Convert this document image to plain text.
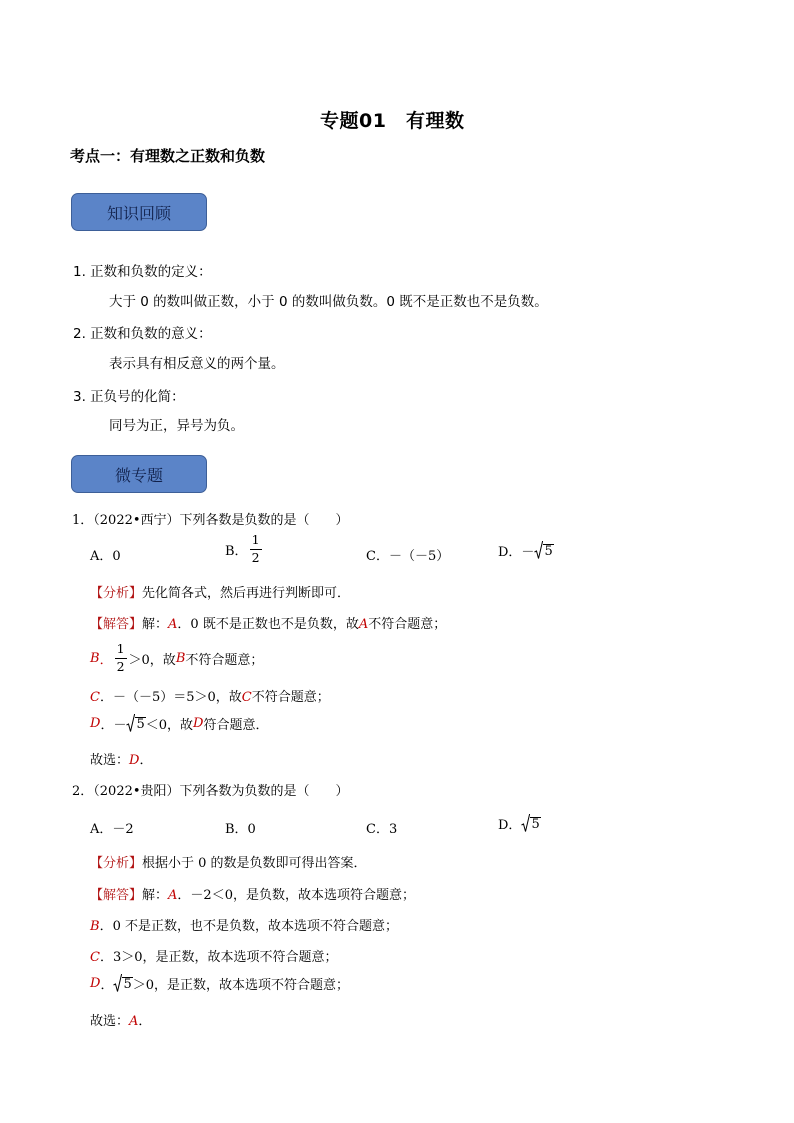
专题01　有理数
考点一：有理数之正数和负数
知识回顾
1. 正数和负数的定义：
大于 0 的数叫做正数，小于 0 的数叫做负数。0 既不是正数也不是负数。
2. 正数和负数的意义：
表示具有相反意义的两个量。
3. 正负号的化简：
同号为正，异号为负。
微专题
1．（2022•西宁）下列各数是负数的是（　　）
A．0	B． $\frac{1}{2}$	C．－（－5）	D．－ 5
【分析】先化简各式，然后再进行判断即可．
【解答】解：A．0 既不是正数也不是负数，故A不符合题意；
B ． $\frac{1}{2} >0$，故 B 不符合题意；
C．－（－5）＝5＞0，故C不符合题意；
D ．－ 5 ＜0，故 D 符合题意．
故选：D．
2．（2022•贵阳）下列各数为负数的是（　　）
A．－2	B．0	C．3	D． 5
【分析】根据小于 0 的数是负数即可得出答案．
【解答】解：A．－2＜0，是负数，故本选项符合题意；
B．0 不是正数，也不是负数，故本选项不符合题意；
C．3＞0，是正数，故本选项不符合题意；
D ． 5 ＞0，是正数，故本选项不符合题意；
故选：A．
